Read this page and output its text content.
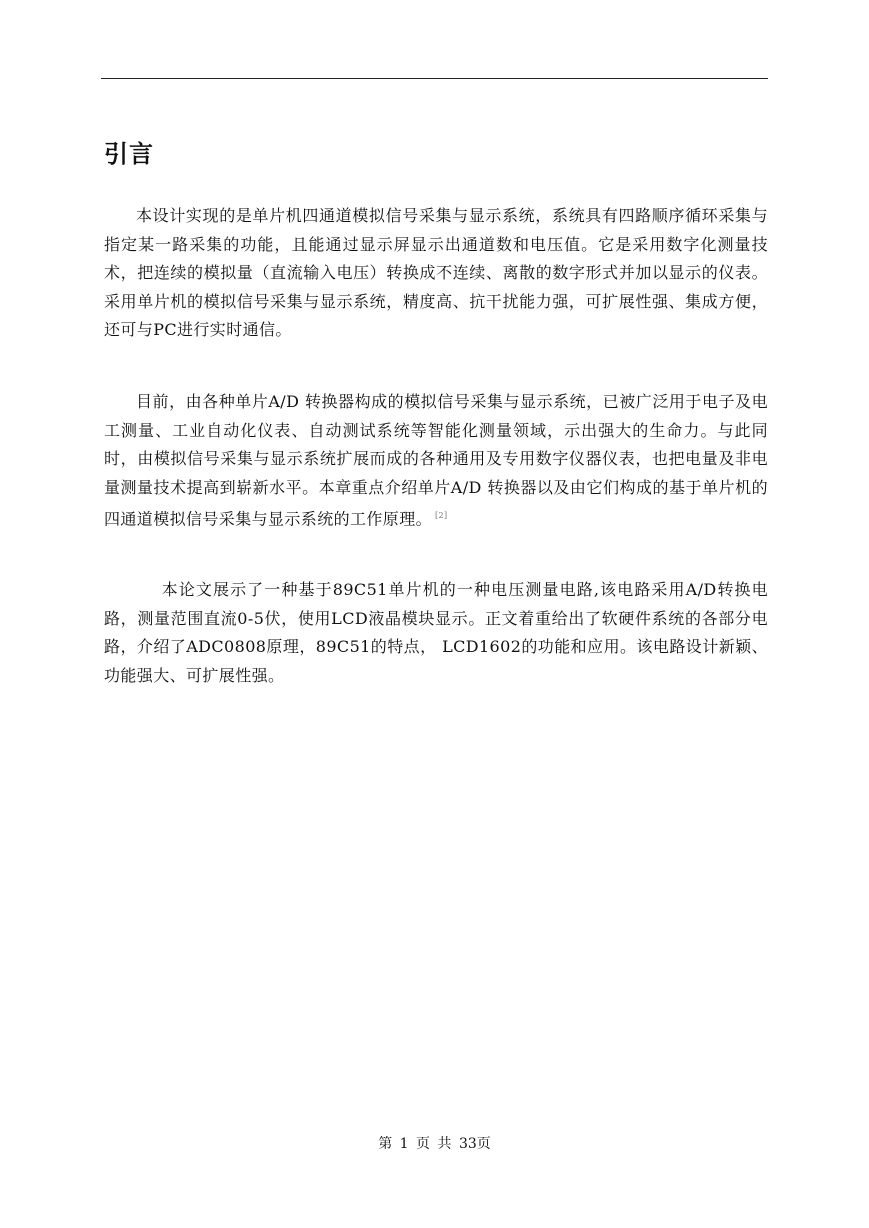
引言

本设计实现的是单片机四通道模拟信号采集与显示系统，系统具有四路顺序循环采集与指定某一路采集的功能，且能通过显示屏显示出通道数和电压值。它是采用数字化测量技术，把连续的模拟量（直流输入电压）转换成不连续、离散的数字形式并加以显示的仪表。采用单片机的模拟信号采集与显示系统，精度高、抗干扰能力强，可扩展性强、集成方便，还可与PC进行实时通信。

目前，由各种单片A/D 转换器构成的模拟信号采集与显示系统，已被广泛用于电子及电工测量、工业自动化仪表、自动测试系统等智能化测量领域，示出强大的生命力。与此同时，由模拟信号采集与显示系统扩展而成的各种通用及专用数字仪器仪表，也把电量及非电量测量技术提高到崭新水平。本章重点介绍单片A/D 转换器以及由它们构成的基于单片机的四通道模拟信号采集与显示系统的工作原理。 [2]

本论文展示了一种基于89C51单片机的一种电压测量电路,该电路采用A/D转换电路，测量范围直流0-5伏，使用LCD液晶模块显示。正文着重给出了软硬件系统的各部分电路，介绍了ADC0808原理，89C51的特点， LCD1602的功能和应用。该电路设计新颖、功能强大、可扩展性强。

第 1 页 共 33页
